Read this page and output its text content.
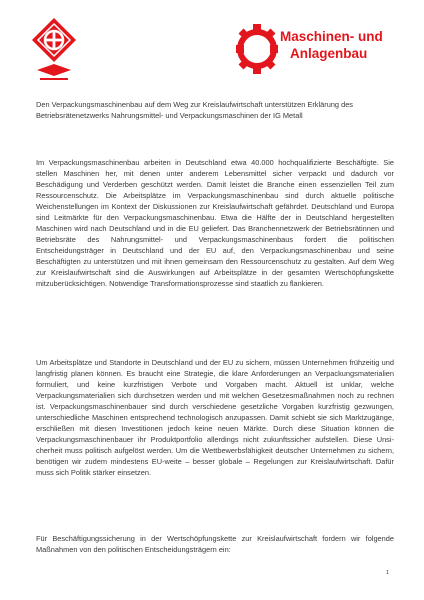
Maschinen- und
Anlagenbau
Den Verpackungsmaschinenbau auf dem Weg zur Kreislaufwirtschaft unterstützen Erklärung des Betriebsrätenetzwerks Nahrungsmittel- und Verpackungsmaschinen der IG Metall
Im Verpackungsmaschinenbau arbeiten in Deutschland etwa 40.000 hochqualifizierte Beschäftigte. Sie stellen Maschinen her, mit denen unter anderem Lebensmittel sicher verpackt und dadurch vor Beschädigung und Verderben geschützt werden. Damit leistet die Branche einen essenziellen Teil zum Ressourcenschutz. Die Arbeitsplätze im Verpackungsmaschinenbau sind durch aktuelle politische Weichenstellungen im Kontext der Diskussionen zur Kreislaufwirtschaft gefährdet. Deutschland und Europa sind Leitmärkte für den Verpackungsmaschinenbau. Etwa die Hälfte der in Deutschland hergestellten Maschinen wird nach Deutschland und in die EU geliefert. Das Branchennetzwerk der Betriebsrätinnen und Betriebsräte des Nahrungsmittel- und Verpackungsmaschinenbaus fordert die politischen Entscheidungsträger in Deutschland und der EU auf, den Verpackungsmaschinenbau und seine Beschäftigten zu unterstützen und mit ihnen gemeinsam den Ressourcenschutz zu gestalten. Auf dem Weg zur Kreislaufwirtschaft sind die Auswirkungen auf Arbeitsplätze in der gesamten Wertschöpfungskette mitzuberücksichtigen. Notwendige Transformationsprozesse sind staatlich zu flankieren.
Um Arbeitsplätze und Standorte in Deutschland und der EU zu sichern, müssen Unternehmen frühzeitig und langfristig planen können. Es braucht eine Strategie, die klare Anforderungen an Verpackungsmaterialien formuliert, und keine kurzfristigen Verbote und Vorgaben macht. Aktuell ist unklar, welche Verpackungsmaterialien sich durchsetzen werden und mit welchen Gesetzesmaßnahmen noch zu rechnen ist. Verpackungsmaschinenbauer sind durch verschiedene gesetzliche Vorgaben kurzfristig gezwungen, unterschiedliche Maschinen entsprechend technologisch anzupassen. Damit schiebt sie sich Marktzugänge, erschließen mit diesen Investitionen jedoch keine neuen Märkte. Durch diese Situation können die Verpackungsmaschinenbauer ihr Produktportfolio allerdings nicht zukunftssicher aufstellen. Diese Unsicherheit muss politisch aufgelöst werden. Um die Wettbewerbsfähigkeit deutscher Unternehmen zu sichern, benötigen wir zudem mindestens EU-weite – besser globale – Regelungen zur Kreislaufwirtschaft. Dafür muss sich Politik stärker einsetzen.
Für Beschäftigungssicherung in der Wertschöpfungskette zur Kreislaufwirtschaft fordern wir folgende Maßnahmen von den politischen Entscheidungsträgern ein:
1
